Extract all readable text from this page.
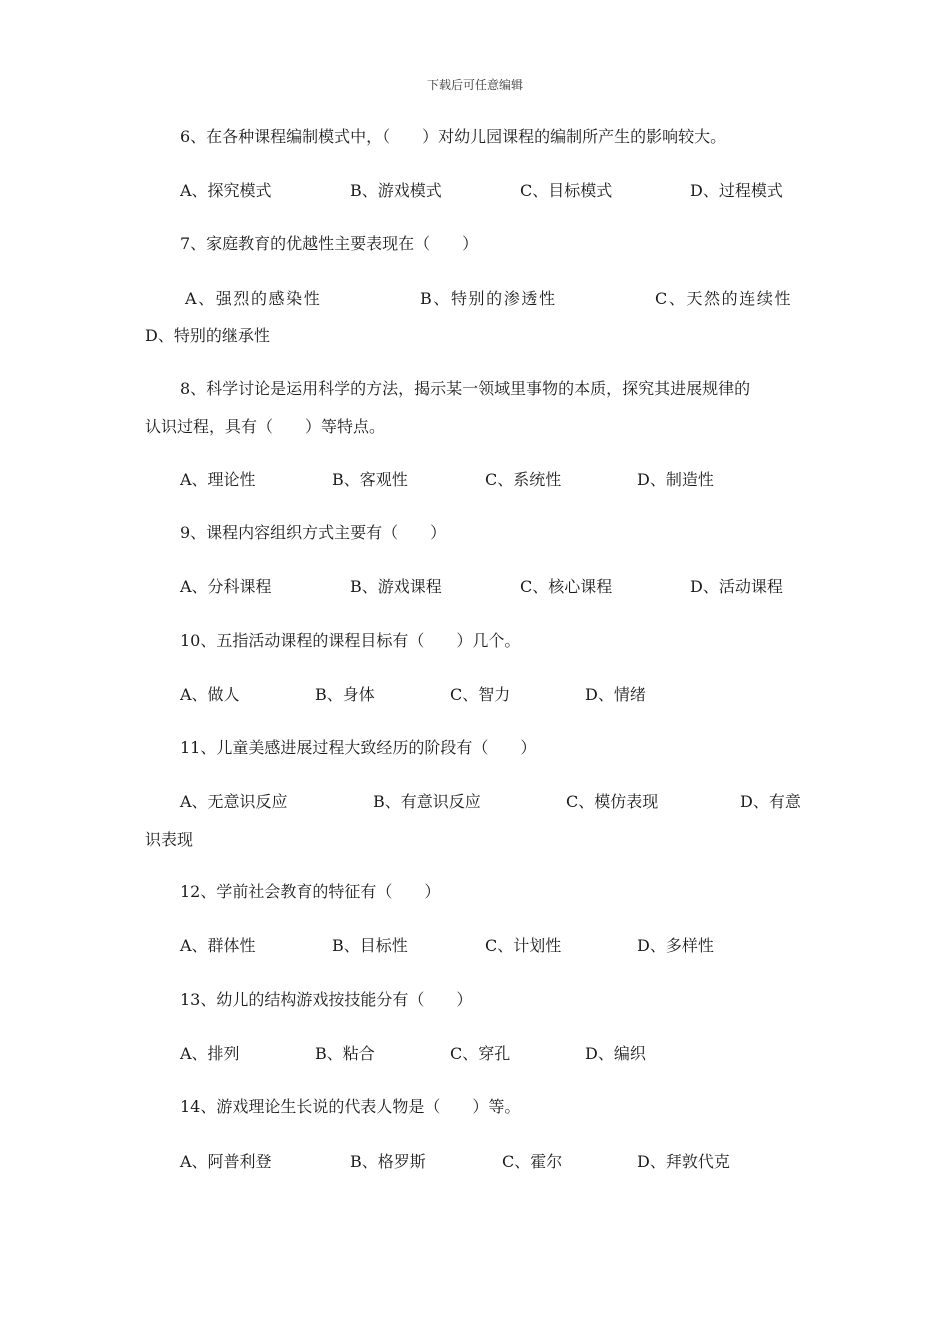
下载后可任意编辑
6、在各种课程编制模式中，（　　）对幼儿园课程的编制所产生的影响较大。
A、探究模式	B、游戏模式	C、目标模式	D、过程模式
7、家庭教育的优越性主要表现在（　　）
A、强烈的感染性	B、特别的渗透性	C、天然的连续性
D、特别的继承性
8、科学讨论是运用科学的方法，揭示某一领域里事物的本质，探究其进展规律的
认识过程，具有（　　）等特点。
A、理论性	B、客观性	C、系统性	D、制造性
9、课程内容组织方式主要有（　　）
A、分科课程	B、游戏课程	C、核心课程	D、活动课程
10、五指活动课程的课程目标有（　　）几个。
A、做人	B、身体	C、智力	D、情绪
11、儿童美感进展过程大致经历的阶段有（　　）
A、无意识反应	B、有意识反应	C、模仿表现	D、有意
识表现
12、学前社会教育的特征有（　　）
A、群体性	B、目标性	C、计划性	D、多样性
13、幼儿的结构游戏按技能分有（　　）
A、排列	B、粘合	C、穿孔	D、编织
14、游戏理论生长说的代表人物是（　　）等。
A、阿普利登	B、格罗斯	C、霍尔	D、拜敦代克
